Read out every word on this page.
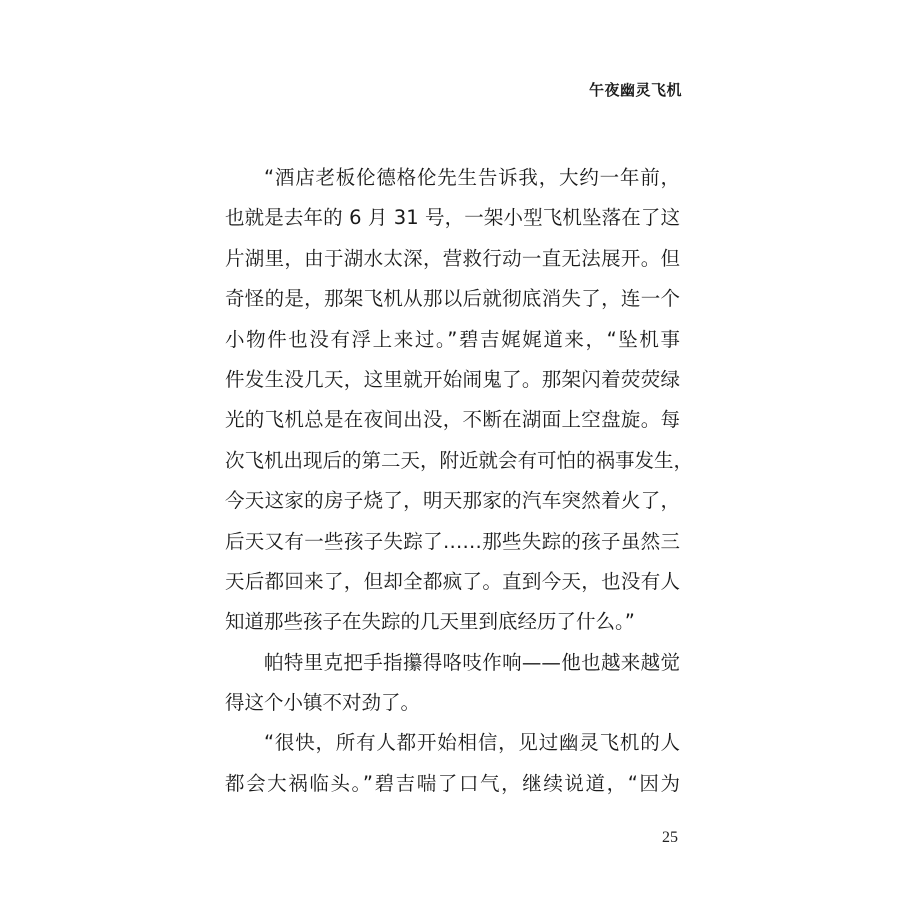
午夜幽灵飞机
“酒店老板伦德格伦先生告诉我，大约一年前，
也就是去年的 6 月 31 号，一架小型飞机坠落在了这
片湖里，由于湖水太深，营救行动一直无法展开。但
奇怪的是，那架飞机从那以后就彻底消失了，连一个
小物件也没有浮上来过。”碧吉娓娓道来，“坠机事
件发生没几天，这里就开始闹鬼了。那架闪着荧荧绿
光的飞机总是在夜间出没，不断在湖面上空盘旋。每
次飞机出现后的第二天，附近就会有可怕的祸事发生，
今天这家的房子烧了，明天那家的汽车突然着火了，
后天又有一些孩子失踪了……那些失踪的孩子虽然三
天后都回来了，但却全都疯了。直到今天，也没有人
知道那些孩子在失踪的几天里到底经历了什么。”
帕特里克把手指攥得咯吱作响——他也越来越觉
得这个小镇不对劲了。
“很快，所有人都开始相信，见过幽灵飞机的人
都会大祸临头。”碧吉喘了口气，继续说道，“因为
25
